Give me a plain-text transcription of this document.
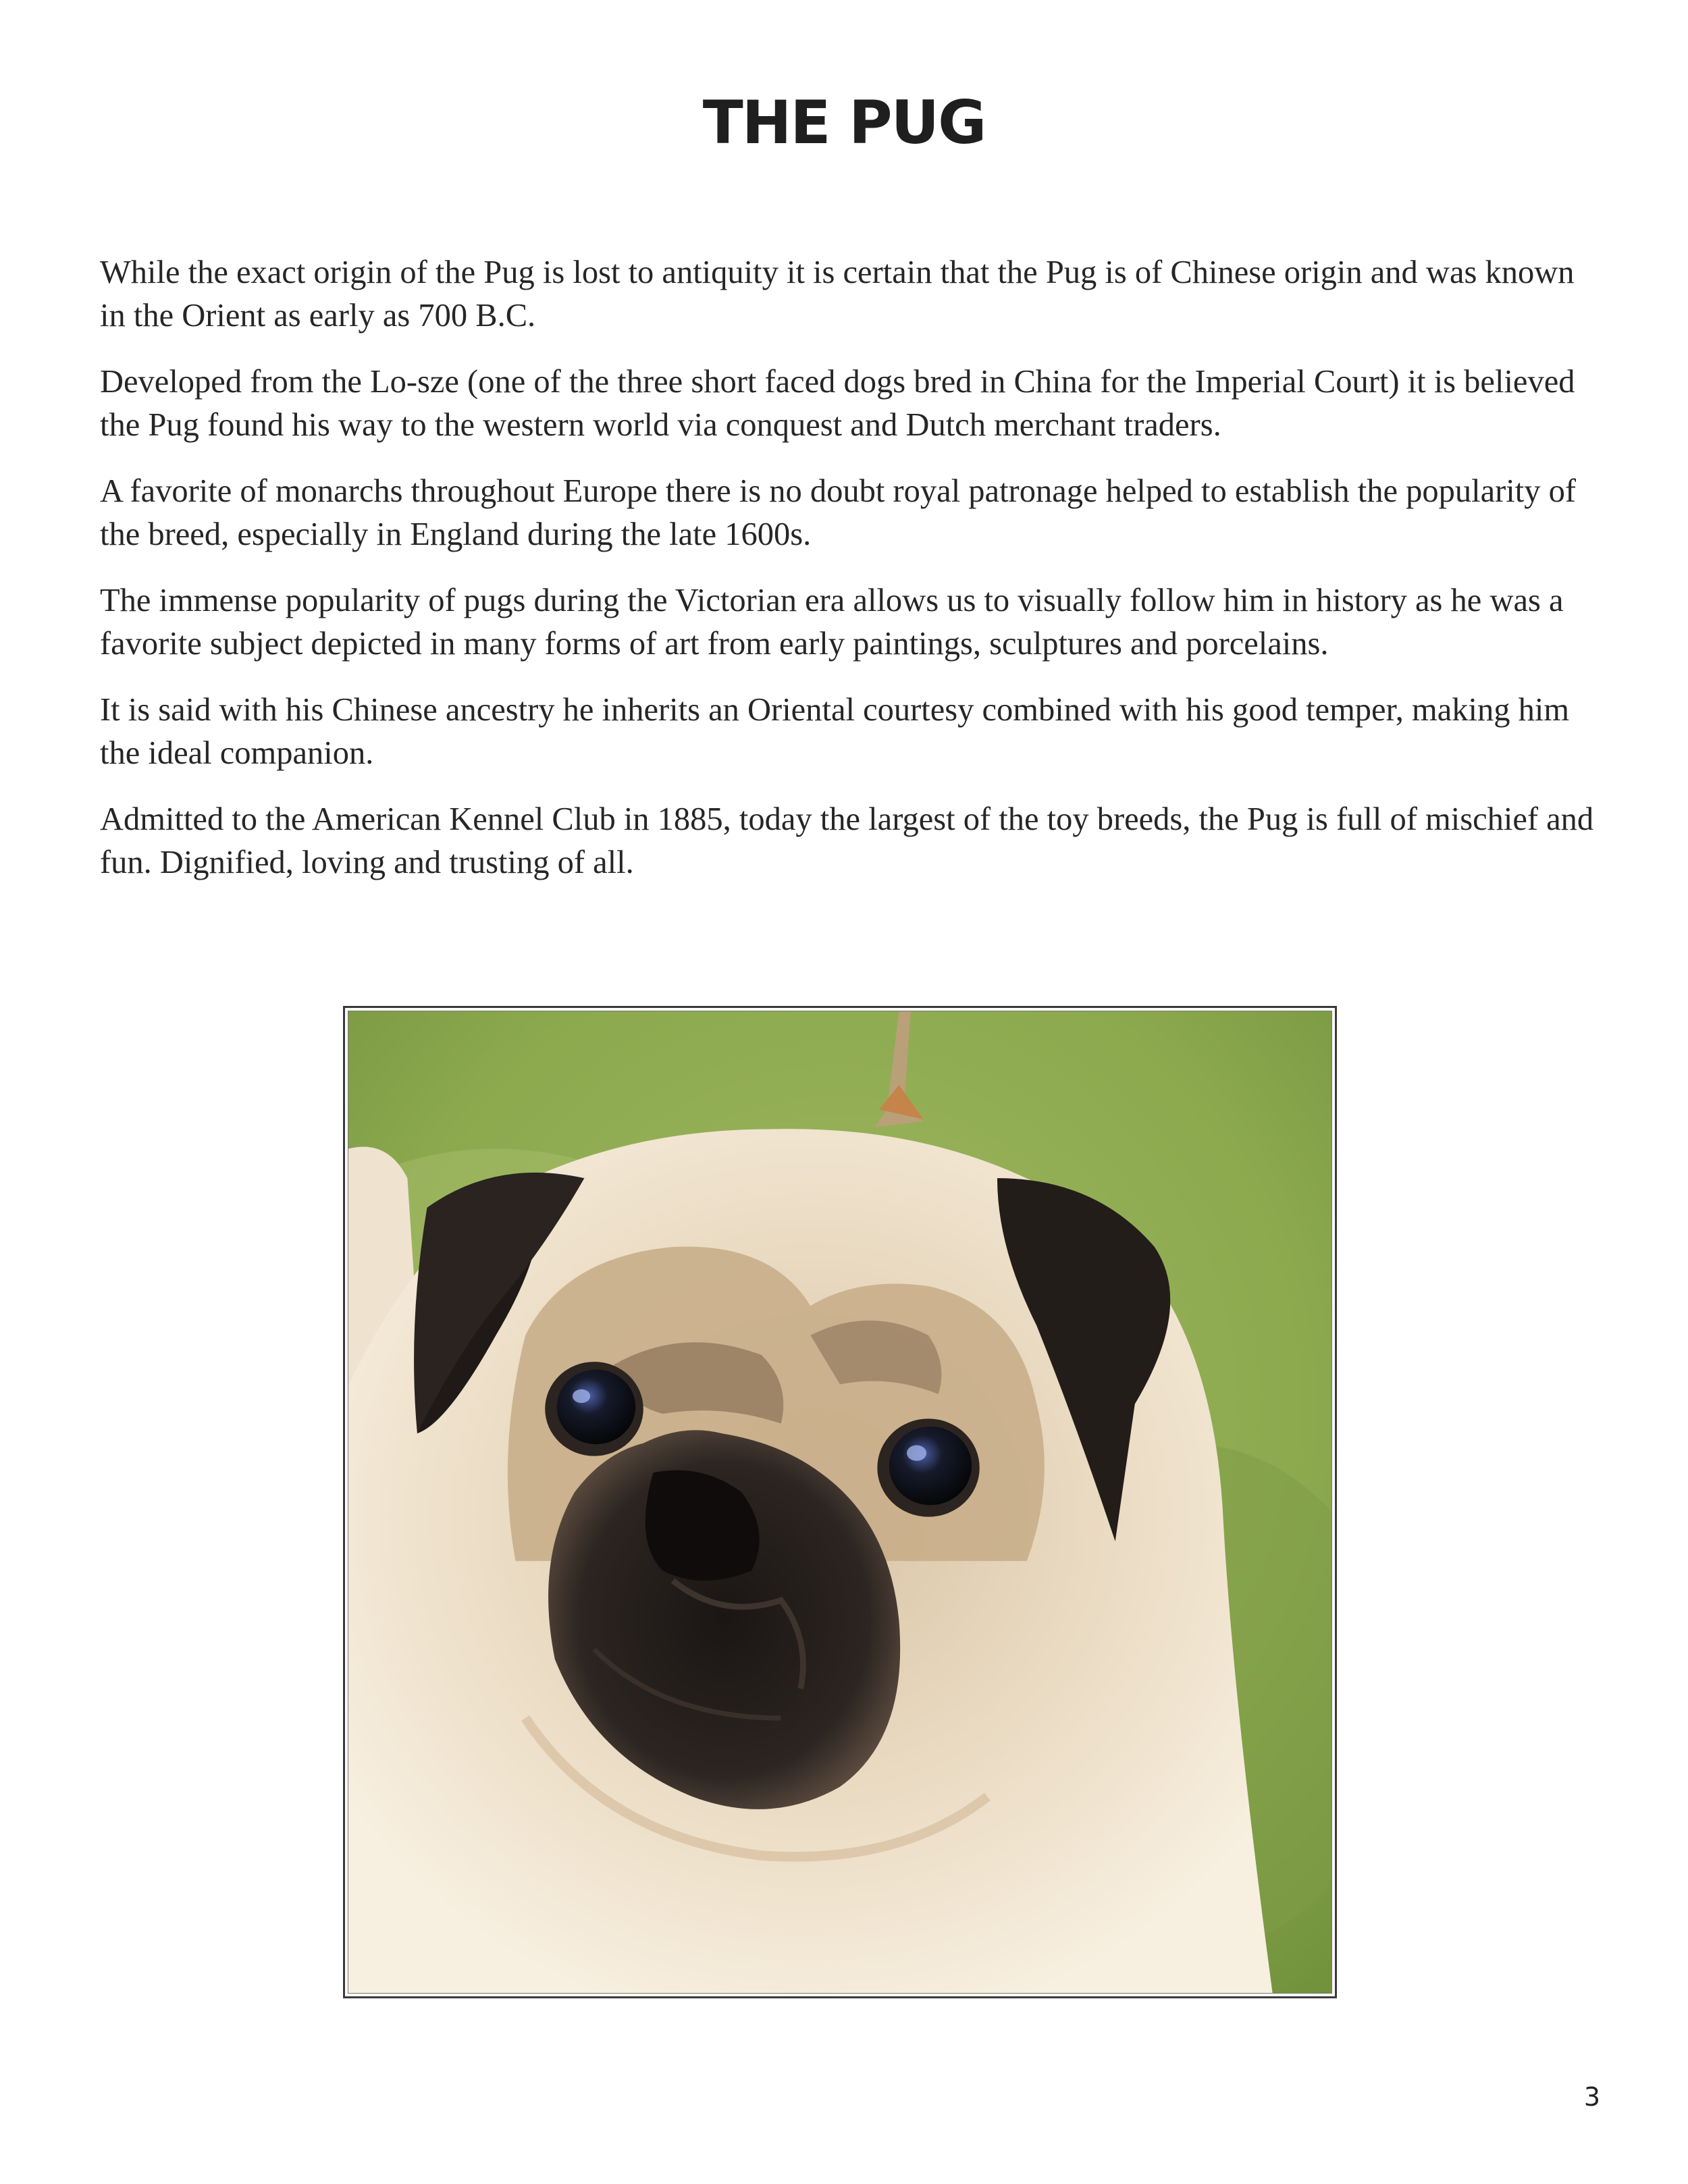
THE PUG

While the exact origin of the Pug is lost to antiquity it is certain that the Pug is of Chinese origin and was known in the Orient as early as 700 B.C.

Developed from the Lo-sze (one of the three short faced dogs bred in China for the Imperial Court) it is believed the Pug found his way to the western world via conquest and Dutch merchant traders.

A favorite of monarchs throughout Europe there is no doubt royal patronage helped to establish the popularity of the breed, especially in England during the late 1600s.

The immense popularity of pugs during the Victorian era allows us to visually follow him in history as he was a favorite subject depicted in many forms of art from early paintings, sculptures and porcelains.

It is said with his Chinese ancestry he inherits an Oriental courtesy combined with his good temper, making him the ideal companion.

Admitted to the American Kennel Club in 1885, today the largest of the toy breeds, the Pug is full of mischief and fun. Dignified, loving and trusting of all.

3
